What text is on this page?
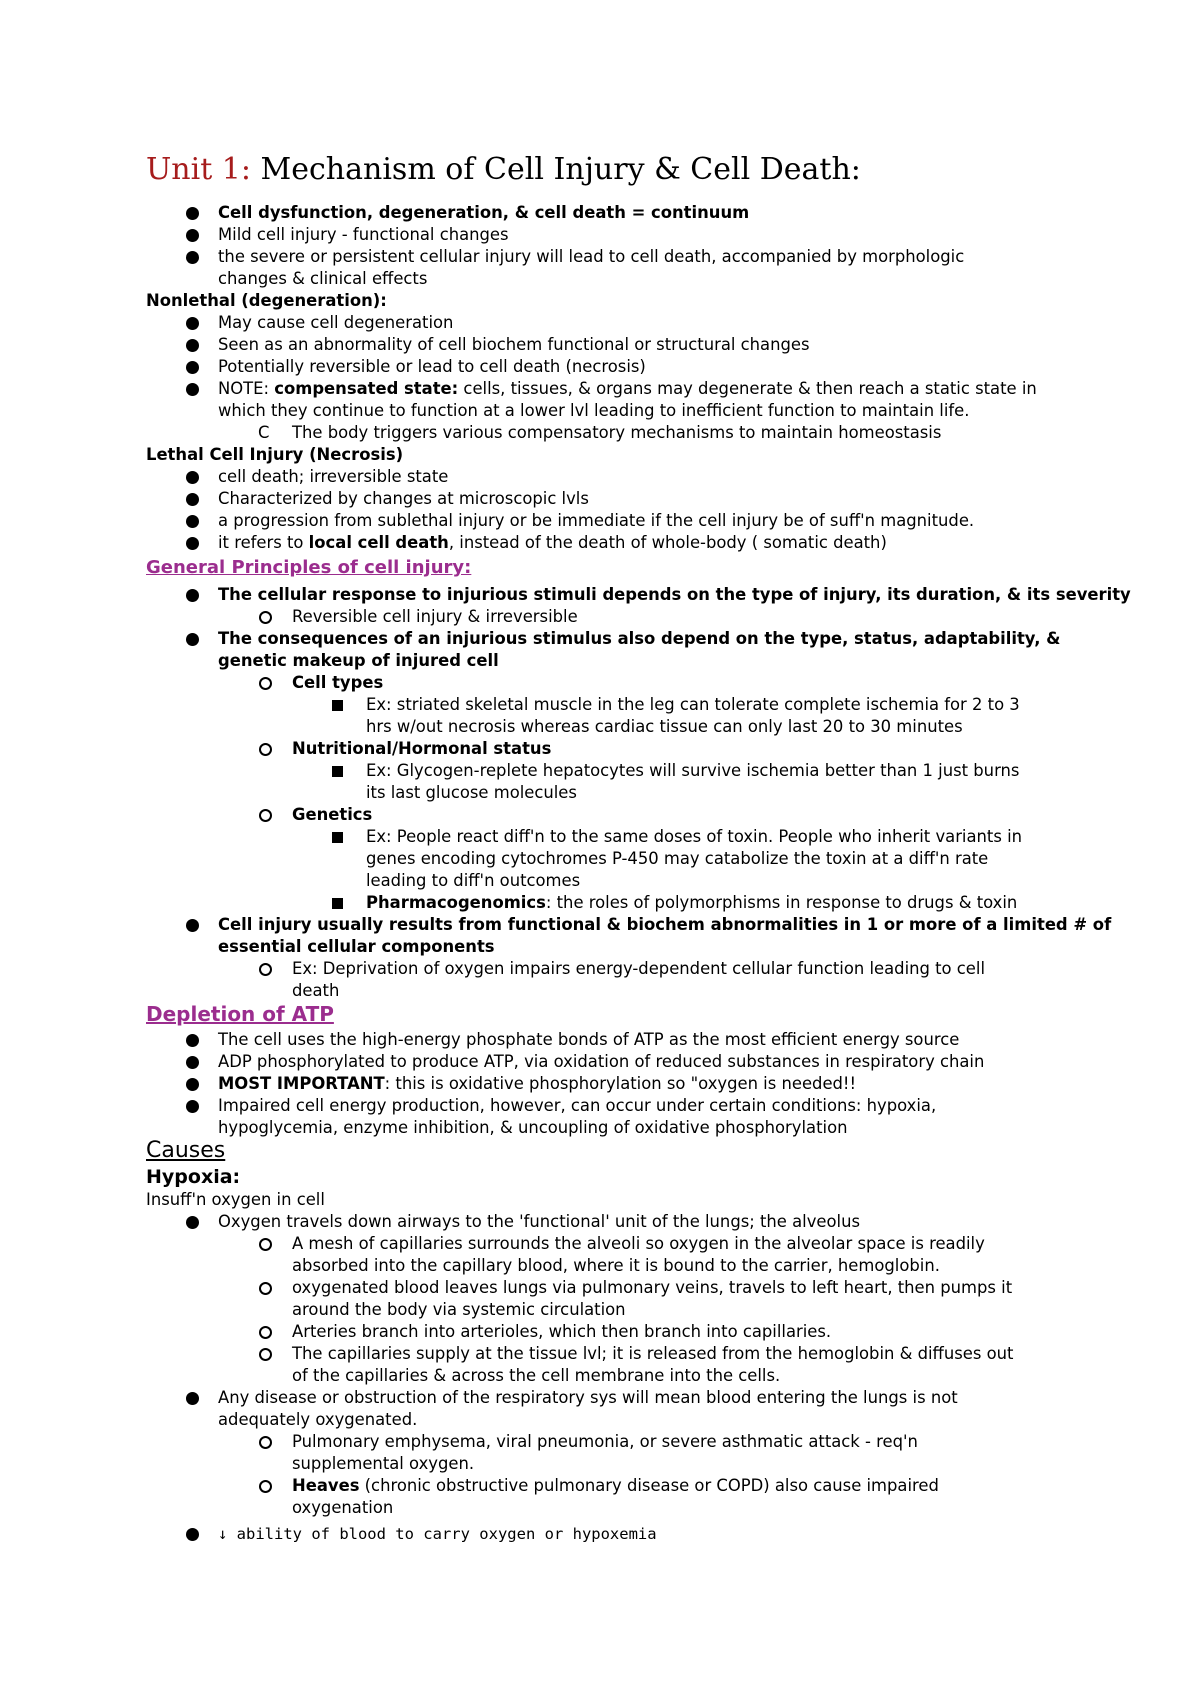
Unit 1: Mechanism of Cell Injury & Cell Death:
Cell dysfunction, degeneration, & cell death = continuum
Mild cell injury - functional changes
the severe or persistent cellular injury will lead to cell death, accompanied by morphologic
changes & clinical effects
Nonlethal (degeneration):
May cause cell degeneration
Seen as an abnormality of cell biochem functional or structural changes
Potentially reversible or lead to cell death (necrosis)
NOTE: compensated state: cells, tissues, & organs may degenerate & then reach a static state in
which they continue to function at a lower lvl leading to inefficient function to maintain life.
C The body triggers various compensatory mechanisms to maintain homeostasis
Lethal Cell Injury (Necrosis)
cell death; irreversible state
Characterized by changes at microscopic lvls
a progression from sublethal injury or be immediate if the cell injury be of suff'n magnitude.
it refers to local cell death, instead of the death of whole-body ( somatic death)
General Principles of cell injury:
The cellular response to injurious stimuli depends on the type of injury, its duration, & its severity
Reversible cell injury & irreversible
The consequences of an injurious stimulus also depend on the type, status, adaptability, &
genetic makeup of injured cell
Cell types
Ex: striated skeletal muscle in the leg can tolerate complete ischemia for 2 to 3
hrs w/out necrosis whereas cardiac tissue can only last 20 to 30 minutes
Nutritional/Hormonal status
Ex: Glycogen-replete hepatocytes will survive ischemia better than 1 just burns
its last glucose molecules
Genetics
Ex: People react diff'n to the same doses of toxin. People who inherit variants in
genes encoding cytochromes P-450 may catabolize the toxin at a diff'n rate
leading to diff'n outcomes
Pharmacogenomics: the roles of polymorphisms in response to drugs & toxin
Cell injury usually results from functional & biochem abnormalities in 1 or more of a limited # of
essential cellular components
Ex: Deprivation of oxygen impairs energy-dependent cellular function leading to cell
death
Depletion of ATP
The cell uses the high-energy phosphate bonds of ATP as the most efficient energy source
ADP phosphorylated to produce ATP, via oxidation of reduced substances in respiratory chain
MOST IMPORTANT: this is oxidative phosphorylation so "oxygen is needed!!
Impaired cell energy production, however, can occur under certain conditions: hypoxia,
hypoglycemia, enzyme inhibition, & uncoupling of oxidative phosphorylation
Causes
Hypoxia:
Insuff'n oxygen in cell
Oxygen travels down airways to the 'functional' unit of the lungs; the alveolus
A mesh of capillaries surrounds the alveoli so oxygen in the alveolar space is readily
absorbed into the capillary blood, where it is bound to the carrier, hemoglobin.
oxygenated blood leaves lungs via pulmonary veins, travels to left heart, then pumps it
around the body via systemic circulation
Arteries branch into arterioles, which then branch into capillaries.
The capillaries supply at the tissue lvl; it is released from the hemoglobin & diffuses out
of the capillaries & across the cell membrane into the cells.
Any disease or obstruction of the respiratory sys will mean blood entering the lungs is not
adequately oxygenated.
Pulmonary emphysema, viral pneumonia, or severe asthmatic attack - req'n
supplemental oxygen.
Heaves (chronic obstructive pulmonary disease or COPD) also cause impaired
oxygenation
↓ ability of blood to carry oxygen or hypoxemia
